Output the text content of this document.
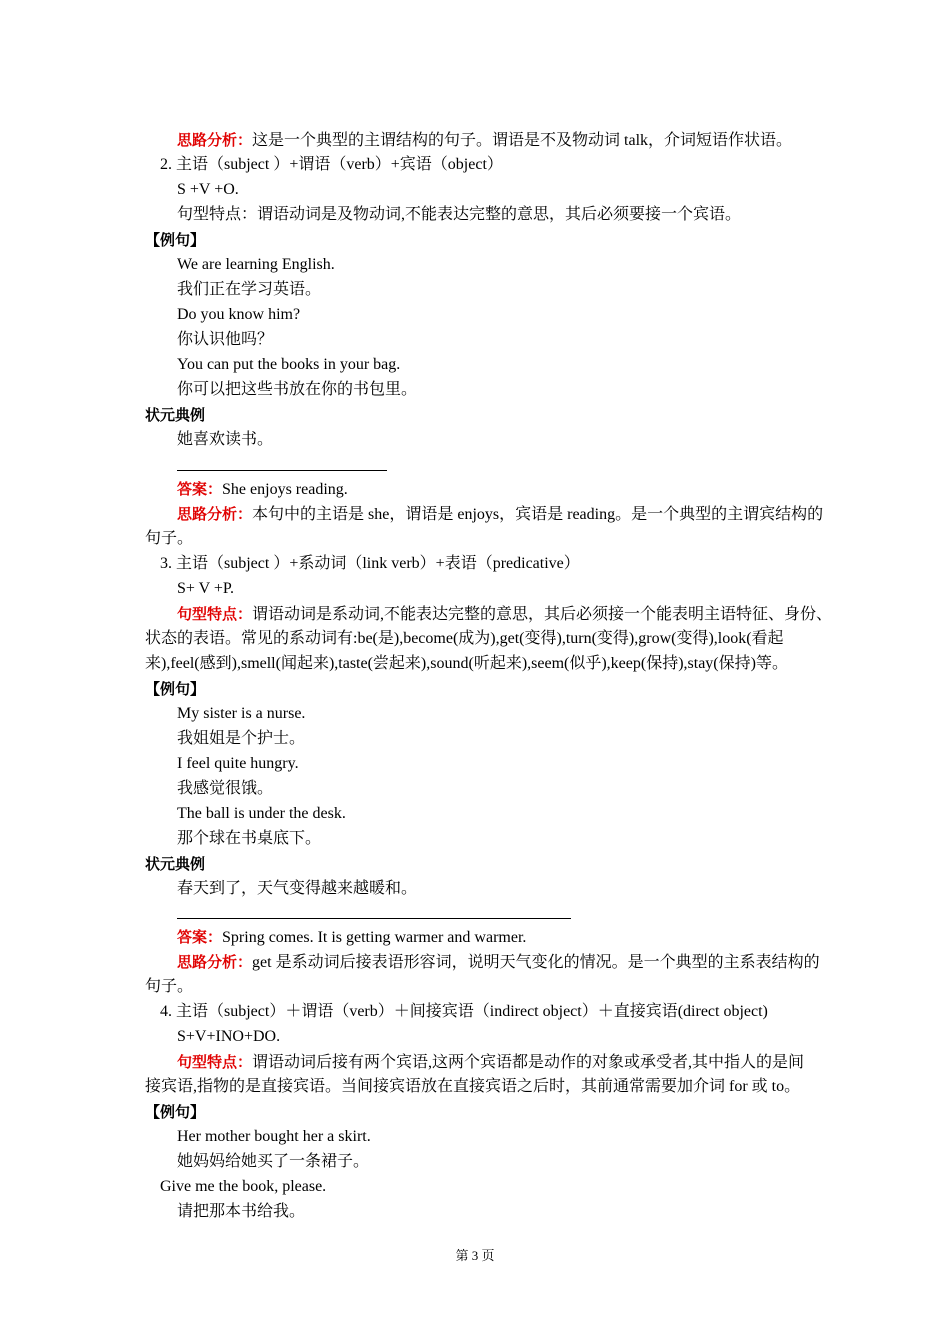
思路分析：这是一个典型的主谓结构的句子。谓语是不及物动词 talk，介词短语作状语。
2. 主语（subject ）+谓语（verb）+宾语（object）
S +V +O.
句型特点：谓语动词是及物动词,不能表达完整的意思，其后必须要接一个宾语。
【例句】
We are learning English.
我们正在学习英语。
Do you know him?
你认识他吗？
You can put the books in your bag.
你可以把这些书放在你的书包里。
状元典例
她喜欢读书。
答案：She enjoys reading.
思路分析：本句中的主语是 she，谓语是 enjoys，宾语是 reading。是一个典型的主谓宾结构的
句子。
3. 主语（subject ）+系动词（link verb）+表语（predicative）
S+ V +P.
句型特点：谓语动词是系动词,不能表达完整的意思，其后必须接一个能表明主语特征、身份、
状态的表语。常见的系动词有:be(是),become(成为),get(变得),turn(变得),grow(变得),look(看起
来),feel(感到),smell(闻起来),taste(尝起来),sound(听起来),seem(似乎),keep(保持),stay(保持)等。
【例句】
My sister is a nurse.
我姐姐是个护士。
I feel quite hungry.
我感觉很饿。
The ball is under the desk.
那个球在书桌底下。
状元典例
春天到了，天气变得越来越暖和。
答案：Spring comes. It is getting warmer and warmer.
思路分析：get 是系动词后接表语形容词，说明天气变化的情况。是一个典型的主系表结构的
句子。
4. 主语（subject）＋谓语（verb）＋间接宾语（indirect object）＋直接宾语(direct object)
S+V+INO+DO.
句型特点：谓语动词后接有两个宾语,这两个宾语都是动作的对象或承受者,其中指人的是间
接宾语,指物的是直接宾语。当间接宾语放在直接宾语之后时，其前通常需要加介词 for 或 to。
【例句】
Her mother bought her a skirt.
她妈妈给她买了一条裙子。
Give me the book, please.
请把那本书给我。
第 3 页
